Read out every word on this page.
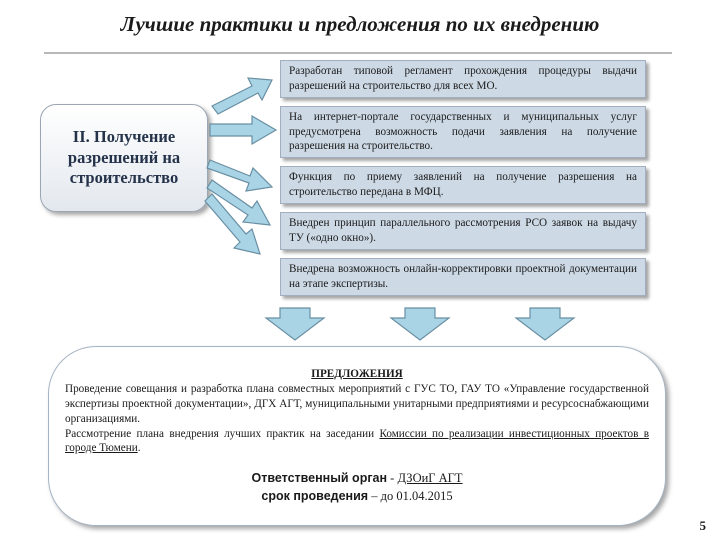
Лучшие практики и предложения по их внедрению
II. Получение
разрешений на
строительство
Разработан типовой регламент прохождения процедуры выдачи разрешений на строительство для всех МО.
На интернет-портале государственных и муниципальных услуг предусмотрена возможность подачи заявления на получение разрешения на строительство.
Функция по приему заявлений на получение разрешения на строительство передана в МФЦ.
Внедрен принцип параллельного рассмотрения РСО заявок на выдачу ТУ («одно окно»).
Внедрена возможность онлайн-корректировки проектной документации на этапе экспертизы.
ПРЕДЛОЖЕНИЯ
Проведение совещания и разработка плана совместных мероприятий с ГУС ТО, ГАУ ТО «Управление государственной экспертизы проектной документации», ДГХ АГТ, муниципальными унитарными предприятиями и ресурсоснабжающими организациями.
Рассмотрение плана внедрения лучших практик на заседании Комиссии по реализации инвестиционных проектов в городе Тюмени.
Ответственный орган - ДЗОиГ АГТ
срок проведения – до 01.04.2015
5
